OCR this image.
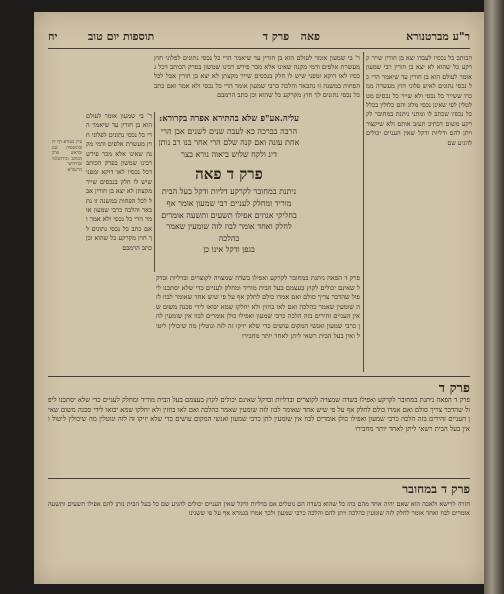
ר"ע מברטנורא
פאה   פרק ד
תוספות יום טוב
יח

הכותב כל נכסיו לעבדו יצא בן חורין שייר קרקע כל שהוא לא יצא בן חורין רבי שמעון אומר לעולם הוא בן חורין עד שיאמר הרי כל נכסי נתונים לאיש פלוני חוץ מעשרה ממכרו ששייר כל נכסי ולא שייר כל נכסים מטלטלין לפי שאינן נכסי מלוג והם כלולין בכלל כל נכסיו שכתב לו ומתני ניתנת במחובר לקרקע משום דכתיב תעזב אותם ולא שיקצור ויתן להם ודליות ודקל שאין העניים יכולים להגיע שם

ר' בי שמעון אומר לעולם הוא בן חורין עד שיאמר הרי כל נכסי נתונים לפלוני חוץ מעשרת אלפים ודמי מקנה שאינו אלא מכר פירש רבינו שמשון בפרק הכותב דכל נכסיו לאו דוקא ומפני שיש לו חלק בנכסים שייר מקצתן לא יצא בן חורין אבל לכל הפחות במשנה זו נתבאר והלכה כרבי שמעון אומר הרי כל נכסי ולא אמר ואם כתב כל נכסי נתונים לך חוץ מקרקע כל שהוא וכן כתב הרמבם

עליה.אע"פ שלא בהתירא אפרה בקרורא:
הרבה בברכה כא לעבה שנים לשנים אבן הרי אחת עונה ואם קנה שלם הרי אחר בנו רב נותן דינ ולקח שלוש ביאוה נורא בצר
פרק ד פאה
ניתנת במחובר לקרקע דליות ודקל בעל הבית מוריד ומחלק לעניים רבי שמעון אומר אף בחליקי אגוזים אפילו תשעים ותשעה אומרים לחלק ואחד אומר לבוז לזה שומעין שאמר כהלכה
בגפן ודקל אינו כן

ר' בי שמעון אומר לעולם הוא בן חורין עד שיאמר הרי כל נכסי נתונים לפלוני חוץ מעשרת אלפים ודמי מקנה שאינו אלא מכר פירש רבינו שמשון בפרק הכותב דכל נכסיו לאו דוקא ומפני שיש לו חלק בנכסים שייר מקצתן לא יצא בן חורין אבל לכל הפחות במשנה זו נתבאר והלכה כרבי שמעון אומר הרי כל נכסי ולא אמר ואם כתב כל נכסי נתונים לך חוץ מקרקע כל שהוא וכן כתב הרמבם

עיין בגמרא דף יח ובתוספות שם ובראש פרק הכותב ובירושלמי ובחידושי הרשב"א

פרק ד הפאה ניתנת במחובר לקרקע ואפילו בשדה שמצויה לקוצרים ובדליות ובדקל שאינם יכולים לקוץ בעצמם בעל הבית מוריד ומחלק לעניים כדי שלא יסתכנו ליפול שהדבר צריך סולם ואם אמרו כולם לחלק אף על פי שיש אחד שאומר לבוז לזה שומעין שאמר כהלכה ואם לאו בוזזין ולא יחלקו שמא יבואו לידי סכנה משום שאין העניים זהירים בזה הלכה כרבי שמעון ואפילו כולן אומרים לבוז אין שומעין להן כרבי שמעון ואנשי המקום עושים כדי שלא יזיקו זה לזה ונוטלין מה שיכולין ליטול ואין בעל הבית רשאי ליתן לאחד יותר מחבירו

פרק ד

פרק ד הפאה ניתנת במחובר לקרקע ואפילו בשדה שמצויה לקוצרים ובדליות ובדקל שאינם יכולים לקוץ בעצמם בעל הבית מוריד ומחלק לעניים כדי שלא יסתכנו ליפול שהדבר צריך סולם ואם אמרו כולם לחלק אף על פי שיש אחד שאומר לבוז לזה שומעין שאמר כהלכה ואם לאו בוזזין ולא יחלקו שמא יבואו לידי סכנה משום שאין העניים זהירים בזה הלכה כרבי שמעון ואפילו כולן אומרים לבוז אין שומעין להן כרבי שמעון ואנשי המקום עושים כדי שלא יזיקו זה לזה ונוטלין מה שיכולין ליטול ואין בעל הבית רשאי ליתן לאחד יותר מחבירו

פרק ד במחובר

חזרה לרישא ולאכה הוא שאם יהיה אחד מהם בוזז כל שהוא בשדה הם נוטלים אם בדליות ודקל שאין העניים יכולים להגיע שם כל בעל הבית נותן להם אפילו תשעים ותשעה אומרים לבוז ואחד אומר לחלק לזה שומעין כהלכה ויתן להם והלכה כרבי שמעון ולכך אמרו בגמרא אף על פי ששנינו
